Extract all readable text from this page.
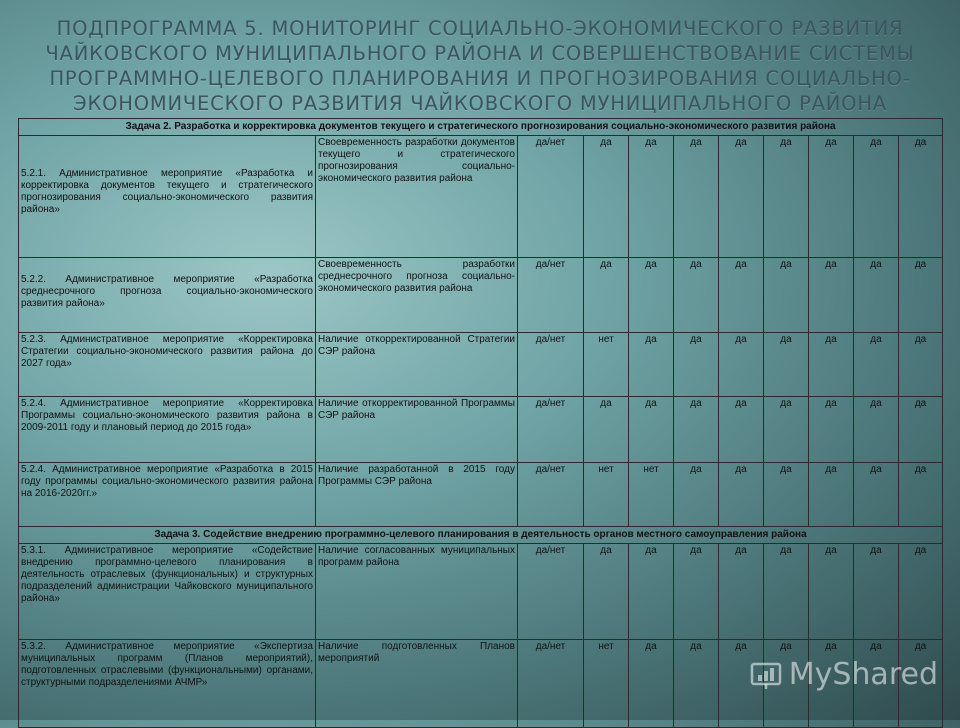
ПОДПРОГРАММА 5. МОНИТОРИНГ СОЦИАЛЬНО-ЭКОНОМИЧЕСКОГО РАЗВИТИЯ ЧАЙКОВСКОГО МУНИЦИПАЛЬНОГО РАЙОНА И СОВЕРШЕНСТВОВАНИЕ СИСТЕМЫ ПРОГРАММНО-ЦЕЛЕВОГО ПЛАНИРОВАНИЯ И ПРОГНОЗИРОВАНИЯ СОЦИАЛЬНО-ЭКОНОМИЧЕСКОГО РАЗВИТИЯ ЧАЙКОВСКОГО МУНИЦИПАЛЬНОГО РАЙОНА
Задача 2. Разработка и корректировка документов текущего и стратегического прогнозирования социально-экономического развития района										
5.2.1. Административное мероприятие «Разработка и корректировка документов текущего и стратегического прогнозирования социально-экономического развития района»	Своевременность разработки документов текущего и стратегического прогнозирования социально-экономического развития района	да/нет	да	да	да	да	да	да	да	да
5.2.2. Административное мероприятие «Разработка среднесрочного прогноза социально-экономического развития района»	Своевременность разработки среднесрочного прогноза социально-экономического развития района	да/нет	да	да	да	да	да	да	да	да
5.2.3. Административное мероприятие «Корректировка Стратегии социально-экономического развития района до 2027 года»	Наличие откорректированной Стратегии СЭР района	да/нет	нет	да	да	да	да	да	да	да
5.2.4. Административное мероприятие «Корректировка Программы социально-экономического развития района в 2009-2011 году и плановый период до 2015 года»	Наличие откорректированной Программы СЭР района	да/нет	да	да	да	да	да	да	да	да
5.2.4. Административное мероприятие «Разработка в 2015 году программы социально-экономического развития района на 2016-2020гг.»	Наличие разработанной в 2015 году Программы СЭР района	да/нет	нет	нет	да	да	да	да	да	да
Задача 3. Содействие внедрению программно-целевого планирования в деятельность органов местного самоуправления района										
5.3.1. Административное мероприятие «Содействие внедрению программно-целевого планирования в деятельность отраслевых (функциональных) и структурных подразделений администрации Чайковского муниципального района»	Наличие согласованных муниципальных программ района	да/нет	да	да	да	да	да	да	да	да
5.3.2. Административное мероприятие «Экспертиза муниципальных программ (Планов мероприятий), подготовленных отраслевыми (функциональными) органами, структурными подразделениями АЧМР»	Наличие подготовленных Планов мероприятий	да/нет	нет	да	да	да	да	да	да	да
MyShared
